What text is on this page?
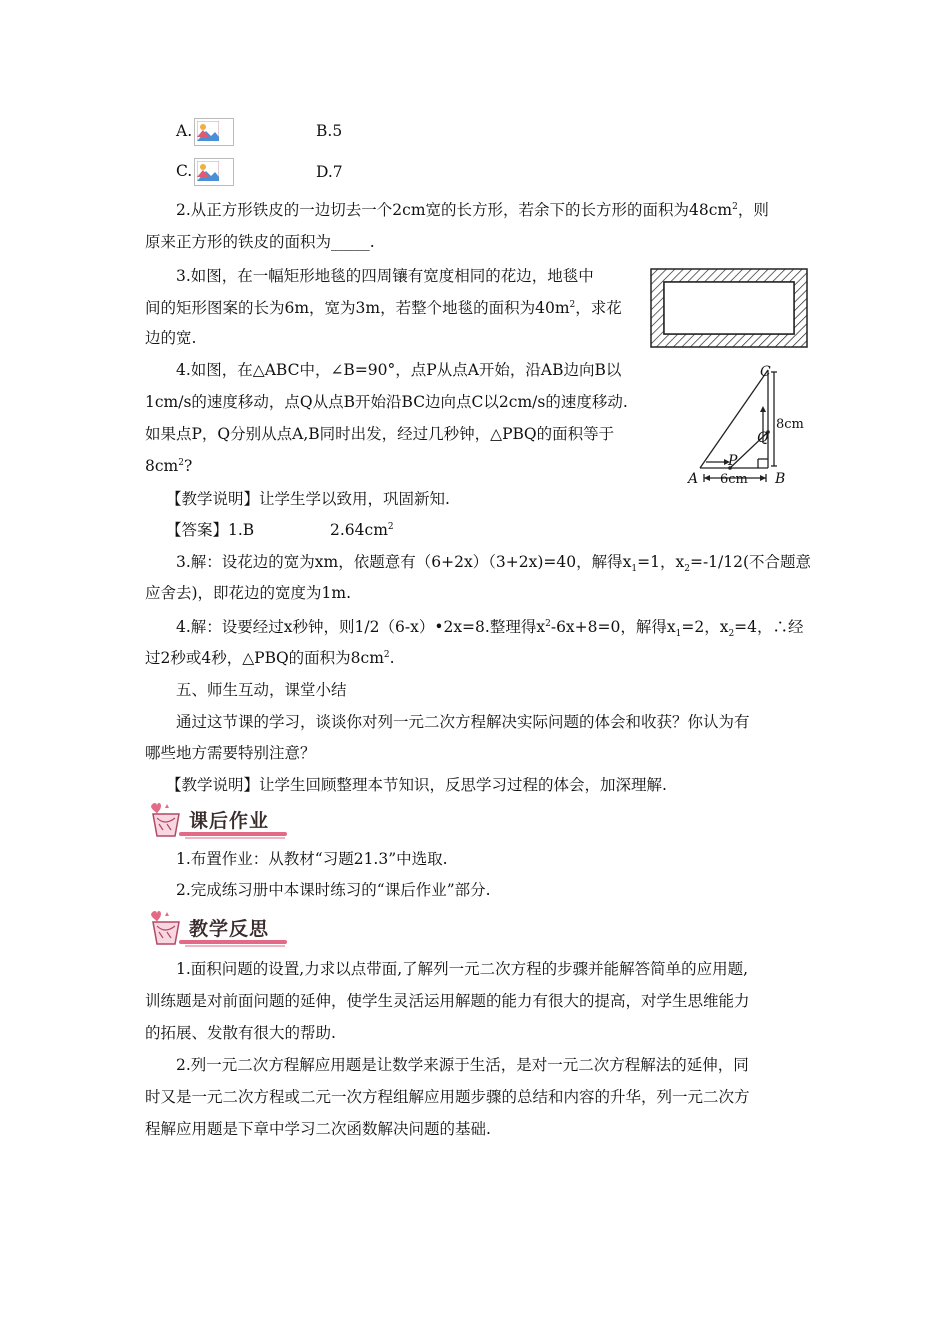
A.	B.5
C.	D.7
2.从正方形铁皮的一边切去一个2cm宽的长方形，若余下的长方形的面积为$48cm^2$，则
原来正方形的铁皮的面积为_____.
3.如图，在一幅矩形地毯的四周镶有宽度相同的花边，地毯中
间的矩形图案的长为6m，宽为3m，若整个地毯的面积为$40m^2$，求花
边的宽.
4.如图，在△ABC中，∠B=90°，点P从点A开始，沿AB边向B以
1cm/s的速度移动，点Q从点B开始沿BC边向点C以2cm/s的速度移动.
如果点P，Q分别从点A,B同时出发，经过几秒钟，△PBQ的面积等于
$8cm^2$?
C
A	B
P
Q
8cm
6cm
【教学说明】让学生学以致用，巩固新知.
【答案】1.B	$2.64cm^2$
3.解：设花边的宽为xm，依题意有（6+2x）（3+2x)=40，解得$x_1=1$，$x_2=-1/12$(不合题意
应舍去)，即花边的宽度为1m.
4.解：设要经过x秒钟，则1/2（6-x）•2x=8.整理得$x^2-6x+8=0$，解得$x_1=2$，$x_2=4$，∴经
过2秒或4秒，△PBQ的面积为$8cm^2$.
五、师生互动，课堂小结
通过这节课的学习，谈谈你对列一元二次方程解决实际问题的体会和收获？你认为有
哪些地方需要特别注意？
【教学说明】让学生回顾整理本节知识，反思学习过程的体会，加深理解.
课后作业
1.布置作业：从教材“习题21.3”中选取.
2.完成练习册中本课时练习的“课后作业”部分.
教学反思
1.面积问题的设置,力求以点带面,了解列一元二次方程的步骤并能解答简单的应用题,
训练题是对前面问题的延伸，使学生灵活运用解题的能力有很大的提高，对学生思维能力
的拓展、发散有很大的帮助.
2.列一元二次方程解应用题是让数学来源于生活，是对一元二次方程解法的延伸，同
时又是一元二次方程或二元一次方程组解应用题步骤的总结和内容的升华，列一元二次方
程解应用题是下章中学习二次函数解决问题的基础.
